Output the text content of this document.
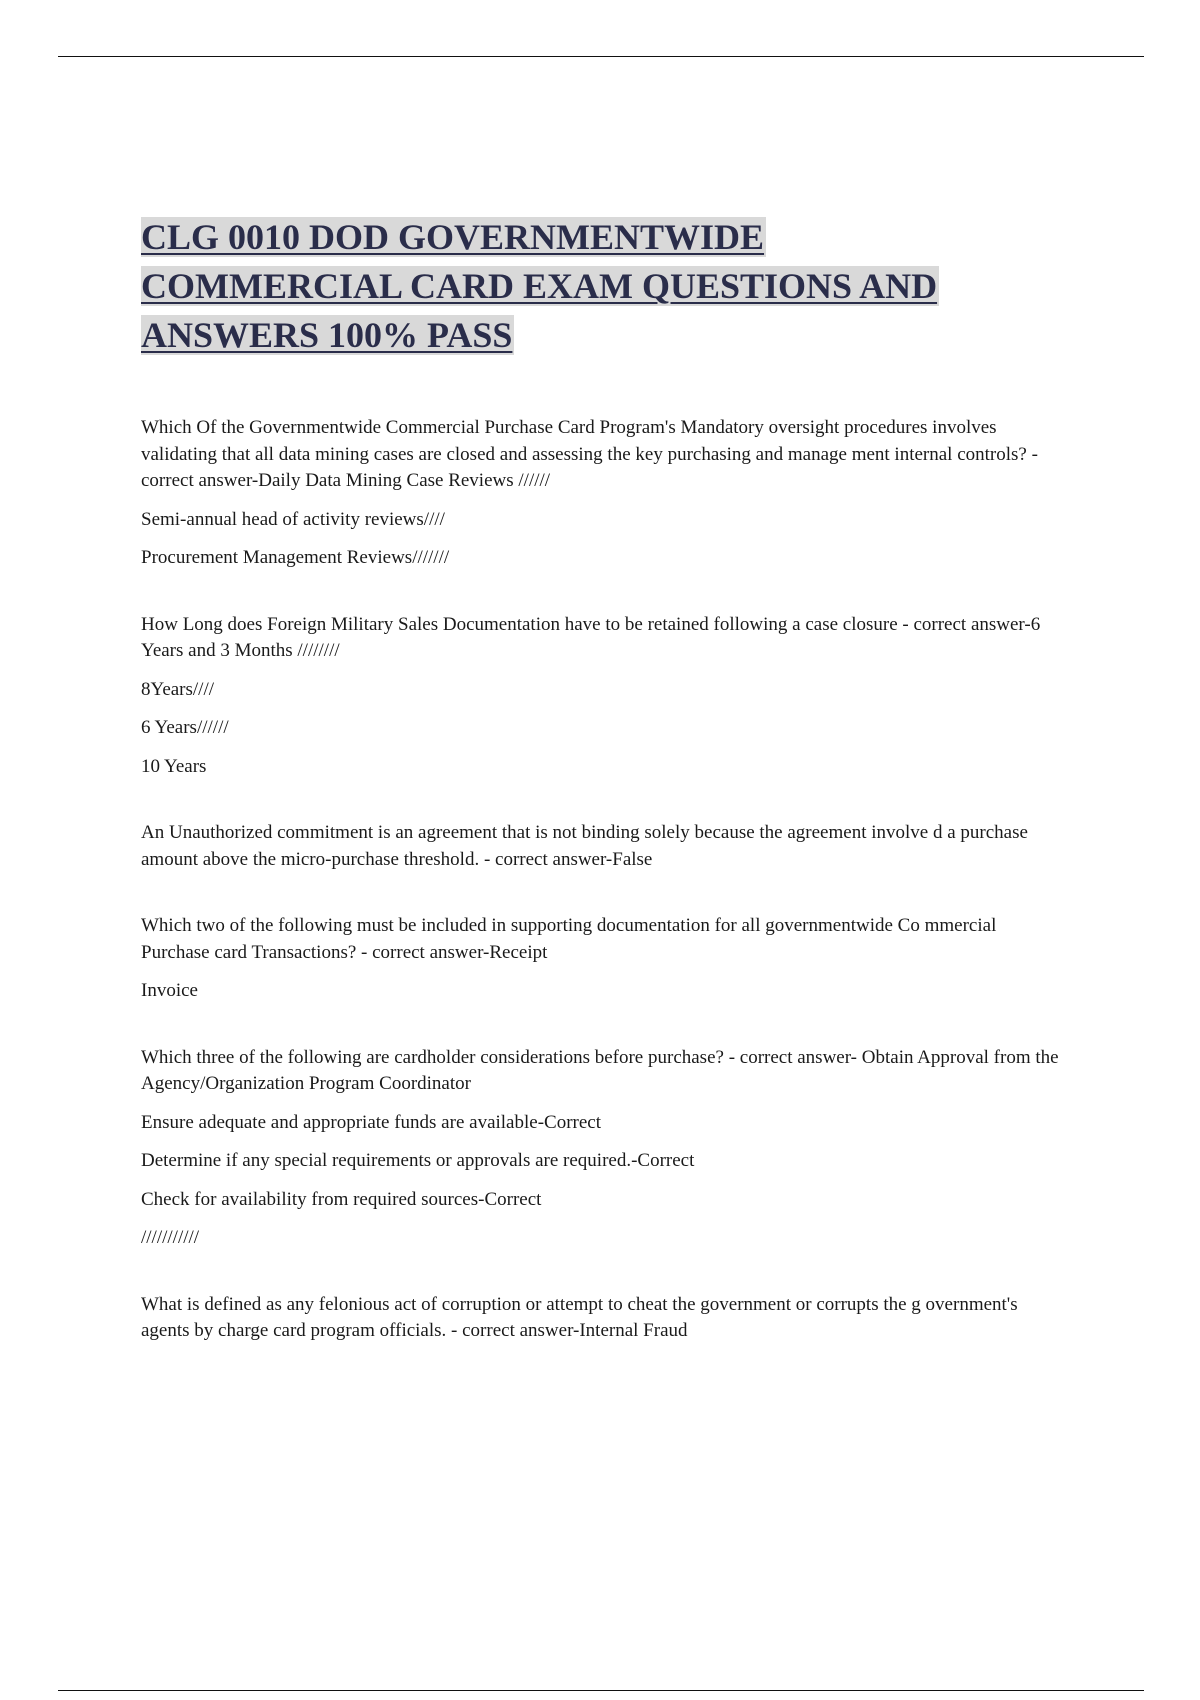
CLG 0010 DOD GOVERNMENTWIDE
COMMERCIAL CARD EXAM QUESTIONS AND
ANSWERS 100% PASS

Which Of the Governmentwide Commercial Purchase Card Program's Mandatory oversight procedures involves validating that all data mining cases are closed and assessing the key purchasing and manage ment internal controls? - correct answer-Daily Data Mining Case Reviews //////

Semi-annual head of activity reviews////

Procurement Management Reviews///////

How Long does Foreign Military Sales Documentation have to be retained following a case closure - correct answer-6 Years and 3 Months ////////

8Years////

6 Years//////

10 Years

An Unauthorized commitment is an agreement that is not binding solely because the agreement involve d a purchase amount above the micro-purchase threshold. - correct answer-False

Which two of the following must be included in supporting documentation for all governmentwide Co mmercial Purchase card Transactions? - correct answer-Receipt

Invoice

Which three of the following are cardholder considerations before purchase? - correct answer- Obtain Approval from the Agency/Organization Program Coordinator

Ensure adequate and appropriate funds are available-Correct

Determine if any special requirements or approvals are required.-Correct

Check for availability from required sources-Correct

///////////

What is defined as any felonious act of corruption or attempt to cheat the government or corrupts the g overnment's agents by charge card program officials. - correct answer-Internal Fraud
